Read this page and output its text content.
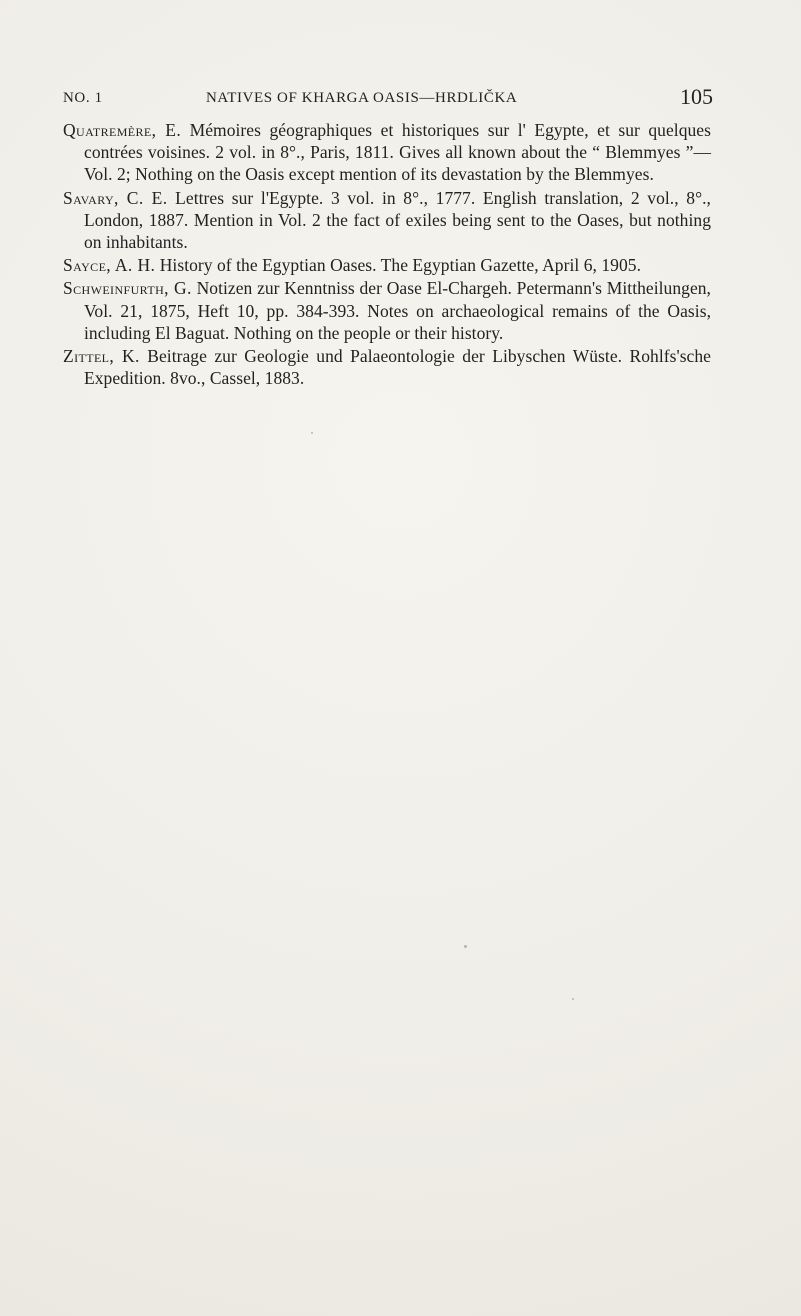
NO. 1	NATIVES OF KHARGA OASIS—HRDLIČKA	105

Quatremère, E. Mémoires géographiques et historiques sur l' Egypte, et sur quelques contrées voisines. 2 vol. in 8°., Paris, 1811. Gives all known about the “ Blemmyes ”—Vol. 2; Nothing on the Oasis except mention of its devastation by the Blemmyes.

Savary, C. E. Lettres sur l'Egypte. 3 vol. in 8°., 1777. English translation, 2 vol., 8°., London, 1887. Mention in Vol. 2 the fact of exiles being sent to the Oases, but nothing on inhabitants.

Sayce, A. H. History of the Egyptian Oases. The Egyptian Gazette, April 6, 1905.

Schweinfurth, G. Notizen zur Kenntniss der Oase El-Chargeh. Petermann's Mittheilungen, Vol. 21, 1875, Heft 10, pp. 384-393. Notes on archaeological remains of the Oasis, including El Baguat. Nothing on the people or their history.

Zittel, K. Beitrage zur Geologie und Palaeontologie der Libyschen Wüste. Rohlfs'sche Expedition. 8vo., Cassel, 1883.
